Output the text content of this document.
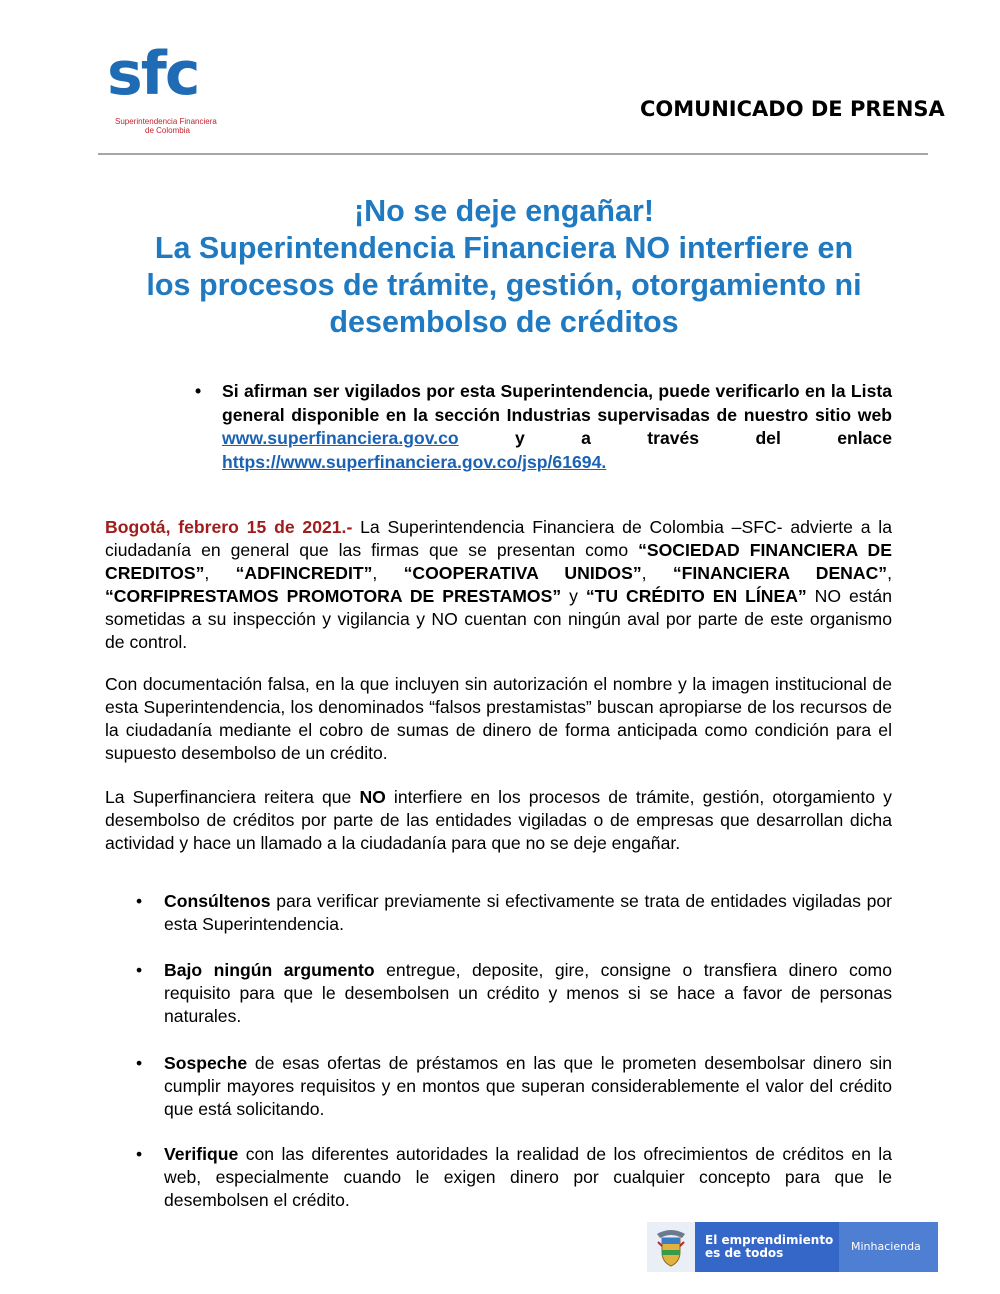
sfc
Superintendencia Financiera
de Colombia
COMUNICADO DE PRENSA
¡No se deje engañar!
La Superintendencia Financiera NO interfiere en
los procesos de trámite, gestión, otorgamiento ni
desembolso de créditos
• Si afirman ser vigilados por esta Superintendencia, puede verificarlo en la Lista general disponible en la sección Industrias supervisadas de nuestro sitio web www.superfinanciera.gov.co y a través del enlace https://www.superfinanciera.gov.co/jsp/61694.
Bogotá, febrero 15 de 2021.- La Superintendencia Financiera de Colombia –SFC- advierte a la ciudadanía en general que las firmas que se presentan como “SOCIEDAD FINANCIERA DE CREDITOS”, “ADFINCREDIT”, “COOPERATIVA UNIDOS”, “FINANCIERA DENAC”, “CORFIPRESTAMOS PROMOTORA DE PRESTAMOS” y “TU CRÉDITO EN LÍNEA” NO están sometidas a su inspección y vigilancia y NO cuentan con ningún aval por parte de este organismo de control.
Con documentación falsa, en la que incluyen sin autorización el nombre y la imagen institucional de esta Superintendencia, los denominados “falsos prestamistas” buscan apropiarse de los recursos de la ciudadanía mediante el cobro de sumas de dinero de forma anticipada como condición para el supuesto desembolso de un crédito.
La Superfinanciera reitera que NO interfiere en los procesos de trámite, gestión, otorgamiento y desembolso de créditos por parte de las entidades vigiladas o de empresas que desarrollan dicha actividad y hace un llamado a la ciudadanía para que no se deje engañar.
• Consúltenos para verificar previamente si efectivamente se trata de entidades vigiladas por esta Superintendencia.
• Bajo ningún argumento entregue, deposite, gire, consigne o transfiera dinero como requisito para que le desembolsen un crédito y menos si se hace a favor de personas naturales.
• Sospeche de esas ofertas de préstamos en las que le prometen desembolsar dinero sin cumplir mayores requisitos y en montos que superan considerablemente el valor del crédito que está solicitando.
• Verifique con las diferentes autoridades la realidad de los ofrecimientos de créditos en la web, especialmente cuando le exigen dinero por cualquier concepto para que le desembolsen el crédito.
El emprendimiento
es de todos	Minhacienda
